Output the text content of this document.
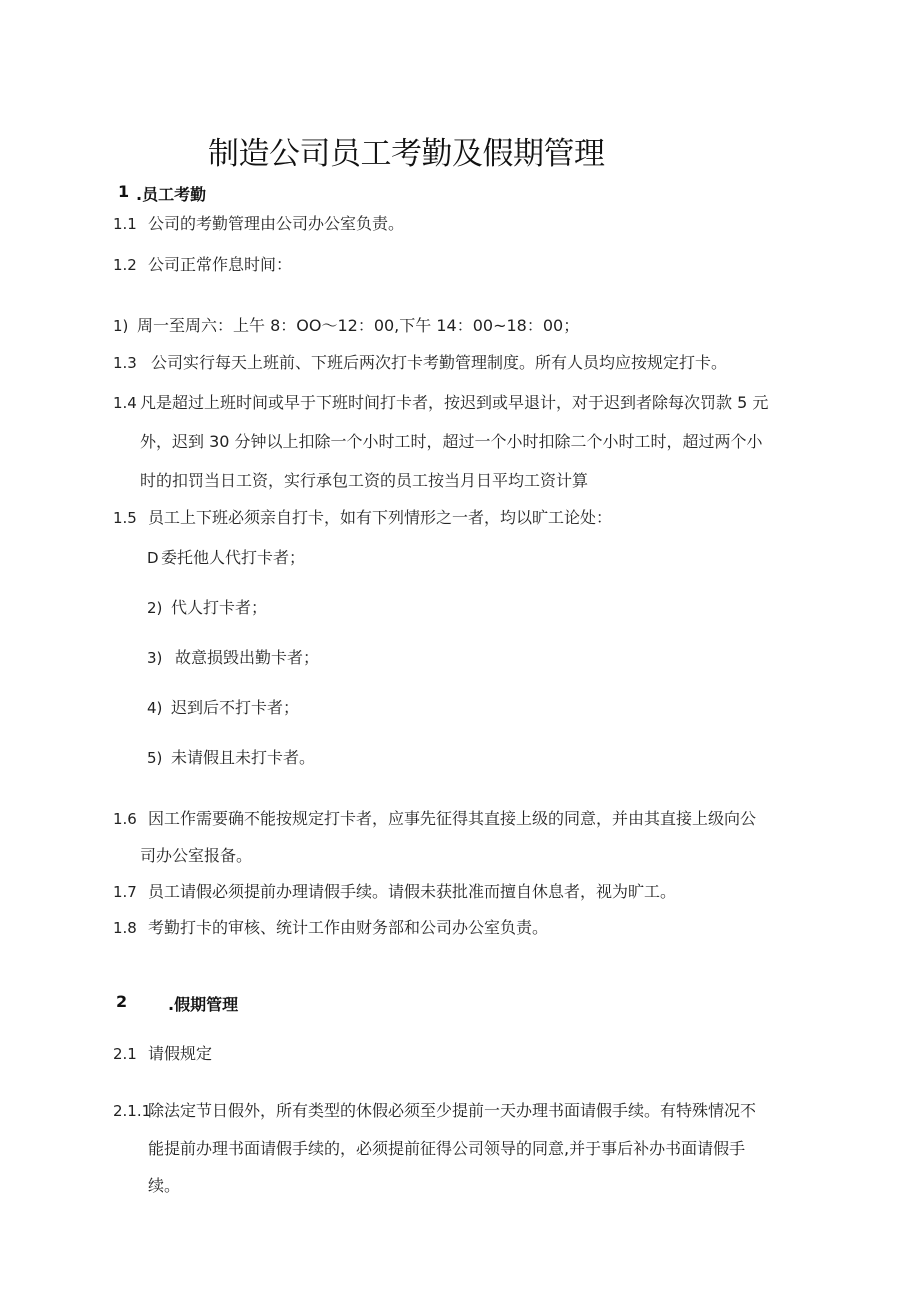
制造公司员工考勤及假期管理
1 .员工考勤
1.1 公司的考勤管理由公司办公室负责。
1.2 公司正常作息时间：
1) 周一至周六：上午 8：OO～12：00,下午 14：00~18：00；
1.3 公司实行每天上班前、下班后两次打卡考勤管理制度。所有人员均应按规定打卡。
1.4 凡是超过上班时间或早于下班时间打卡者，按迟到或早退计，对于迟到者除每次罚款 5 元
外，迟到 30 分钟以上扣除一个小时工时，超过一个小时扣除二个小时工时，超过两个小
时的扣罚当日工资，实行承包工资的员工按当月日平均工资计算
1.5 员工上下班必须亲自打卡，如有下列情形之一者，均以旷工论处：
D 委托他人代打卡者；
2) 代人打卡者；
3) 故意损毁出勤卡者；
4) 迟到后不打卡者；
5) 未请假且未打卡者。
1.6 因工作需要确不能按规定打卡者，应事先征得其直接上级的同意，并由其直接上级向公
司办公室报备。
1.7 员工请假必须提前办理请假手续。请假未获批准而擅自休息者，视为旷工。
1.8 考勤打卡的审核、统计工作由财务部和公司办公室负责。
2	.假期管理
2.1 请假规定
2.1.1
除法定节日假外，所有类型的休假必须至少提前一天办理书面请假手续。有特殊情况不
能提前办理书面请假手续的，必须提前征得公司领导的同意,并于事后补办书面请假手
续。
